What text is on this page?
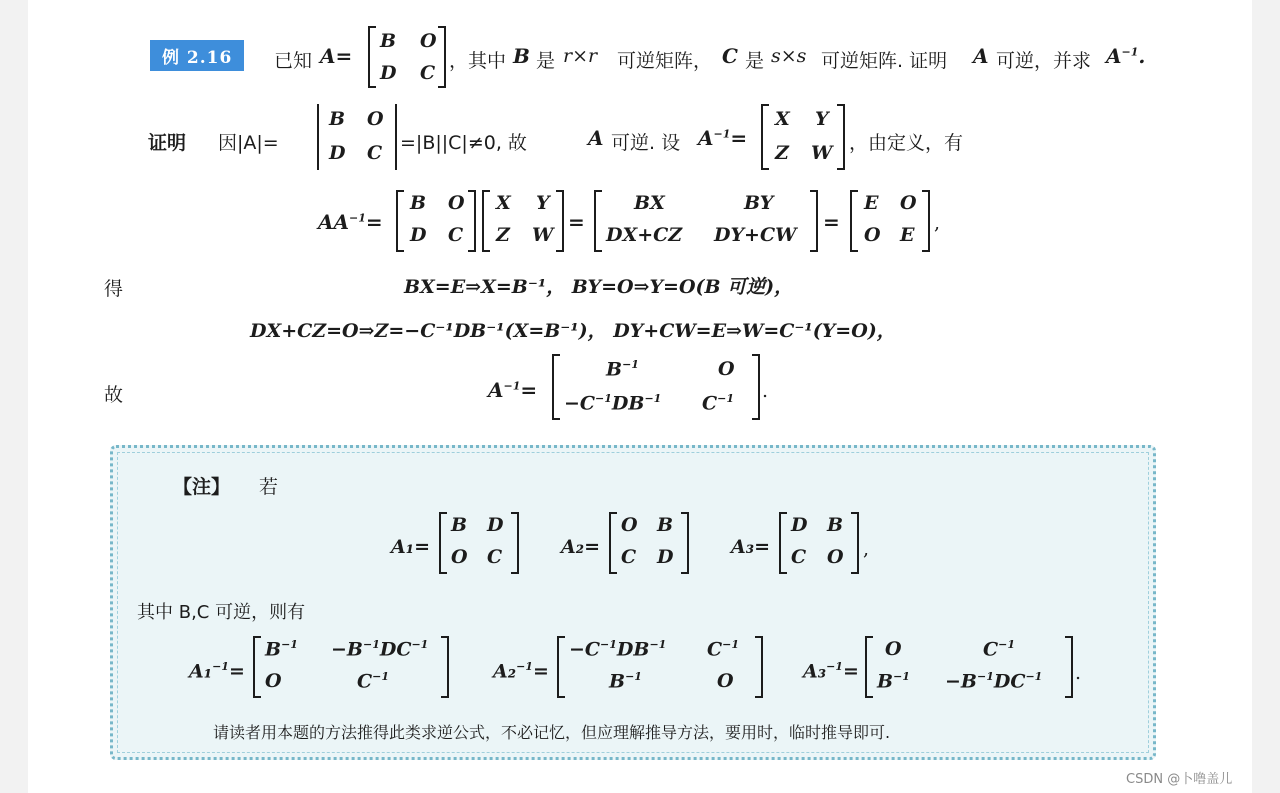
例 2.16	已知 A=
B O
D C
，其中 B 是 r×r 可逆矩阵， C 是 s×s 可逆矩阵. 证明 A 可逆，并求 $A^{-1}$.
证明 因|A|=
B O
D C =|B||C|≠0, 故	A 可逆. 设 $A^{-1}=$
X Y
Z W ，由定义，有
$AA^{-1}=$
B O
D C
X Y
Z W
=
BX	BY
DX+CZ DY+CW
=
E O
O E
,
得	BX=E⇒X=B⁻¹， BY=O⇒Y=O(B 可逆)，
DX+CZ=O⇒Z=−C⁻¹DB⁻¹(X=B⁻¹)， DY+CW=E⇒W=C⁻¹(Y=O)，
故	$A^{-1}=$
$B^{-1}$	O
$-C^{-1}DB^{-1}$ $C^{-1}$ .
【注】 若
A₁=
B D
O C	A₂=
O B
C D	A₃=
D B
C O ,
其中 B,C 可逆，则有
A₁$^{-1}$=
$B^{-1} -B^{-1}DC^{-1}$
O	$C^{-1}$	A₂$^{-1}$=
$-C^{-1}DB^{-1}$ $C^{-1}$
$B^{-1}$	O	A₃$^{-1}$=
O	$C^{-1}$
$B^{-1} -B^{-1}DC^{-1}$ .
请读者用本题的方法推得此类求逆公式，不必记忆，但应理解推导方法，要用时，临时推导即可.
CSDN @卜噜盖儿
